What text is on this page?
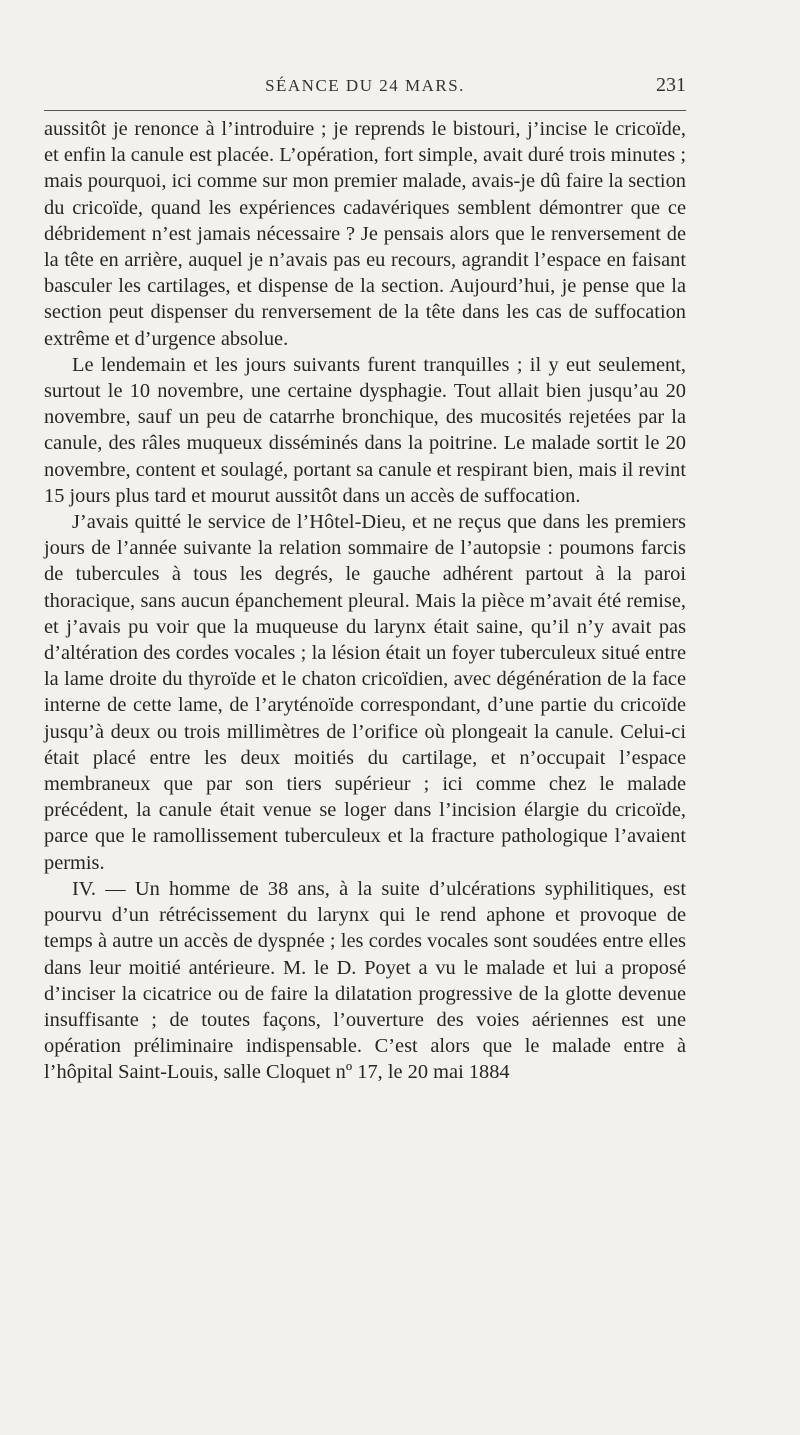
SÉANCE DU 24 MARS.	231

aussitôt je renonce à l’introduire ; je reprends le bistouri, j’incise le cricoïde, et enfin la canule est placée. L’opération, fort simple, avait duré trois minutes ; mais pourquoi, ici comme sur mon premier malade, avais-je dû faire la section du cricoïde, quand les expériences cadavériques semblent démontrer que ce débridement n’est jamais nécessaire ? Je pensais alors que le renversement de la tête en arrière, auquel je n’avais pas eu recours, agrandit l’espace en faisant basculer les cartilages, et dispense de la section. Aujourd’hui, je pense que la section peut dispenser du renversement de la tête dans les cas de suffocation extrême et d’urgence absolue.

Le lendemain et les jours suivants furent tranquilles ; il y eut seulement, surtout le 10 novembre, une certaine dysphagie. Tout allait bien jusqu’au 20 novembre, sauf un peu de catarrhe bronchique, des mucosités rejetées par la canule, des râles muqueux disséminés dans la poitrine. Le malade sortit le 20 novembre, content et soulagé, portant sa canule et respirant bien, mais il revint 15 jours plus tard et mourut aussitôt dans un accès de suffocation.

J’avais quitté le service de l’Hôtel-Dieu, et ne reçus que dans les premiers jours de l’année suivante la relation sommaire de l’autopsie : poumons farcis de tubercules à tous les degrés, le gauche adhérent partout à la paroi thoracique, sans aucun épanchement pleural. Mais la pièce m’avait été remise, et j’avais pu voir que la muqueuse du larynx était saine, qu’il n’y avait pas d’altération des cordes vocales ; la lésion était un foyer tuberculeux situé entre la lame droite du thyroïde et le chaton cricoïdien, avec dégénération de la face interne de cette lame, de l’aryténoïde correspondant, d’une partie du cricoïde jusqu’à deux ou trois millimètres de l’orifice où plongeait la canule. Celui-ci était placé entre les deux moitiés du cartilage, et n’occupait l’espace membraneux que par son tiers supérieur ; ici comme chez le malade précédent, la canule était venue se loger dans l’incision élargie du cricoïde, parce que le ramollissement tuberculeux et la fracture pathologique l’avaient permis.

IV. — Un homme de 38 ans, à la suite d’ulcérations syphilitiques, est pourvu d’un rétrécissement du larynx qui le rend aphone et provoque de temps à autre un accès de dyspnée ; les cordes vocales sont soudées entre elles dans leur moitié antérieure. M. le D. Poyet a vu le malade et lui a proposé d’inciser la cicatrice ou de faire la dilatation progressive de la glotte devenue insuffisante ; de toutes façons, l’ouverture des voies aériennes est une opération préliminaire indispensable. C’est alors que le malade entre à l’hôpital Saint-Louis, salle Cloquet nº 17, le 20 mai 1884
